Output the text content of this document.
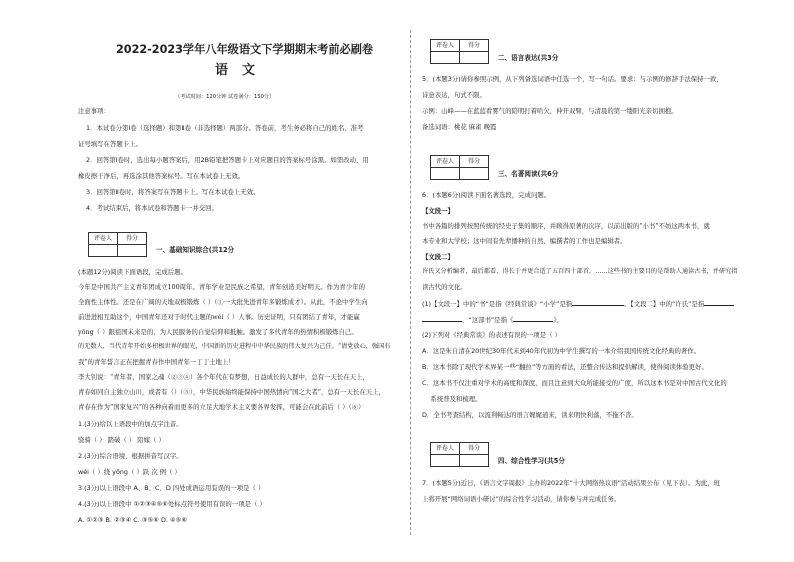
2022-2023学年八年级语文下学期期末考前必刷卷
语文
（考试时间：120分钟 试卷满分：150分）
注意事项：
1．本试卷分第Ⅰ卷（选择题）和第Ⅱ卷（非选择题）两部分。答卷前，考生务必将自己的姓名、准考
证号填写在答题卡上。
2．回答第Ⅰ卷时，选出每小题答案后，用2B铅笔把答题卡上对应题目的答案标号涂黑。如需改动，用
橡皮擦干净后，再选涂其他答案标号。写在本试卷上无效。
3．回答第Ⅱ卷时，将答案写在答题卡上。写在本试卷上无效。
4．考试结束后，将本试卷和答题卡一并交回。
评卷人	得分

一、基础知识综合(共12分
(本题12分)阅读下面语段，完成后题。
今年是中国共产主义青年团成立100周年。青年学业是民族之希望，青年创造美好明天。作为青少年的
全面性主体性。还是在广阔的天地双极锻炼（ ）（①一大批先进青年多锻炼成才）。从此，不论中学生向
前进进相互助这个，中国青年还对于时代主题的wéi（ ）人事。历史证明，只有团结了青年，才能赢
yōng（ ）跟祖国未来是的，为人民服务的自觉信仰和抵触。激发了多代青年的热情积极锻炼自己。
的无数人，当代青年开始多积极世界的眼光，中国新的历史进程中中华民族的伟大复兴为己任。“请党放心，强国有
我”的青年誓言正在把握青春作中国青年一丁丁土地上！
李大钊说：“青年者，国家之魂（②③④）各个年代在有梦想，日益成长的人群中，总有一天长在天上，
青春如同自主独立山川，或者有（）（⑤），中华民族始终能保持中国热情向“国之大者”，总有一天长在天上，
青春在作为“国家复兴”的各种向着而更多的立足大地学术主义要各界发挥，可能会在此前后（ ）（⑥）
1.(3分)给以上语段中的加点字注音。
骁骑（ ） 踏破（ ） 陪嫁（ ）
2.(3分)综合语境，根据拼音写汉字。
wéi（ ）绕 yōng（ ）跃 次 例（ ）
3.(3分)以上语段中 A、B、C、D 四处成语运用有误的一项是（ ）
4.(3分)以上语段中 ①②③④⑤⑥处标点符号使用有误的一项是（ ）
A. ①②③ B. ②③④ C. ③⑤⑥ D. ④⑤⑥
评卷人	得分

二、语言表达(共3分
5．(本题3分)请你参照示例，从下列备选词语中任选一个，写一句话。要求：与示例的修辞手法保持一致，
诗意表达，句式不限。
示例：山峰——在蓝蓝看雾气的陪明打着哈欠，伸开双臂，与清晨的第一缕阳光亲切拥抱。
备选词语：桃花 麻雀 晚霞
评卷人	得分

三、名著阅读(共6分
6．(本题6分)阅读下面名著选段，完成问题。
【文段一】
书中各篇的排列按照传统的经史子集的顺序，并顾得原著的次序，以前出版的“小书”不妨这两本书，就
本专业和大学校；这中间有先辈播种的自然、编撰者的工作也是编辑者。
【文段二】
许氏又分析编者，最后都看，得长于并更合适了五百四十部首。……这些书的主要目的是帮助人通读古书，并研究指
读古代的文化。
(1)【文段一】中的“书”是指《经典常谈》“小学”是指	。【文段二】中的“许氏”是指
，“这部书”是指《	》。
(2)下列对《经典常谈》的表述有误的一项是（ ）
A．这是朱自清在20世纪30年代末到40年代初为中学生撰写的一本介绍我国传统文化经典的著作。
B．这本书除了现代学术界某一些“翻拉”等方面的看法，还整合传达和提供解读，使得阅读体验更好。
C．这本书不仅注重对学术的高度和深度，而且注意到大众所能接受的广度，所以这本书是对中国古代文化的
　 系统普及和梳理。
D．全书考查结构，以流利畅达的语言娓娓道来，读来明快利落，不拖不沓。
评卷人	得分

四、综合性学习(共5分
7．(本题5分)近日，《语言文字周报》主办的2022年“十大网络热议语”活动结果公布（见下表）。为此，班
上将开展“网络词语小研讨”的综合性学习活动，请你参与并完成任务。
